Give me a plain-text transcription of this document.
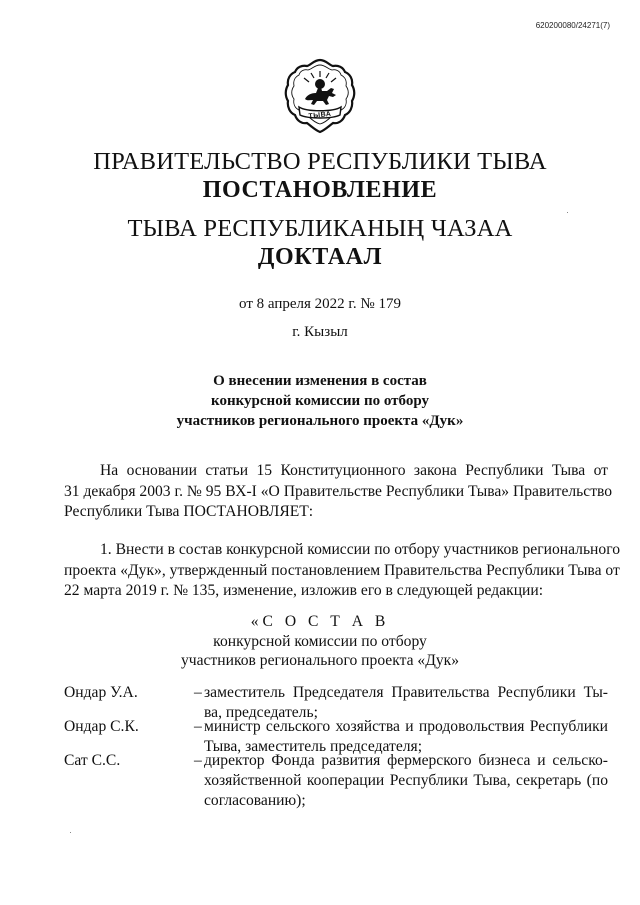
620200080/24271(7)
ТЫВА
ПРАВИТЕЛЬСТВО РЕСПУБЛИКИ ТЫВА
ПОСТАНОВЛЕНИЕ
ТЫВА РЕСПУБЛИКАНЫҢ ЧАЗАА
ДОКТААЛ
от 8 апреля 2022 г. № 179
г. Кызыл
О внесении изменения в состав
конкурсной комиссии по отбору
участников регионального проекта «Дук»
На основании статьи 15 Конституционного закона Республики Тыва от
31 декабря 2003 г. № 95 ВХ-I «О Правительстве Республики Тыва» Правительство
Республики Тыва ПОСТАНОВЛЯЕТ:
1. Внести в состав конкурсной комиссии по отбору участников регионального
проекта «Дук», утвержденный постановлением Правительства Республики Тыва от
22 марта 2019 г. № 135, изменение, изложив его в следующей редакции:
«С О С Т А В
конкурсной комиссии по отбору
участников регионального проекта «Дук»
Ондар У.А.	– заместитель Председателя Правительства Республики Ты-
ва, председатель;
Ондар С.К.	– министр сельского хозяйства и продовольствия Республики
Тыва, заместитель председателя;
Сат С.С.	– директор Фонда развития фермерского бизнеса и сельско-
хозяйственной кооперации Республики Тыва, секретарь (по
согласованию);
